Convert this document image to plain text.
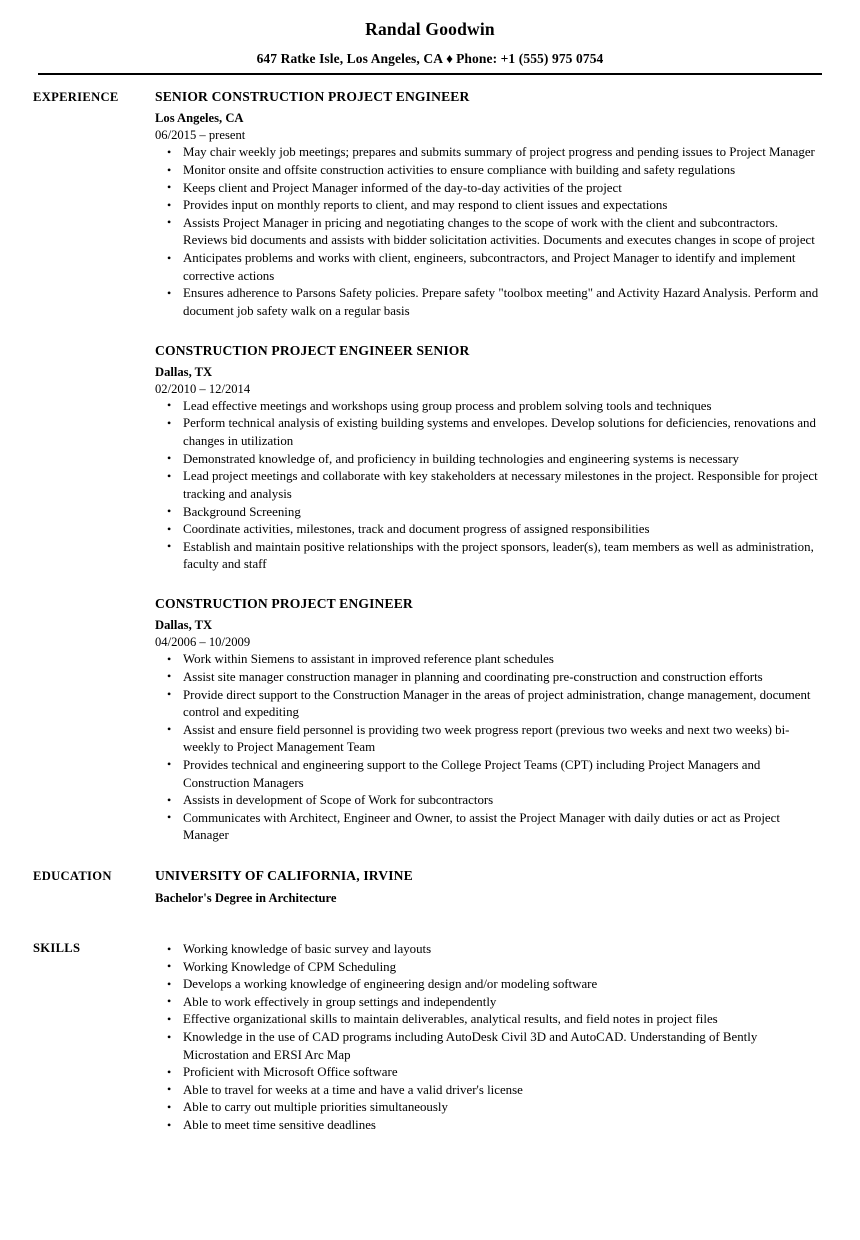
Randal Goodwin
647 Ratke Isle, Los Angeles, CA ♦ Phone: +1 (555) 975 0754
EXPERIENCE	SENIOR CONSTRUCTION PROJECT ENGINEER
Los Angeles, CA
06/2015 – present
• May chair weekly job meetings; prepares and submits summary of project progress and pending issues to Project Manager
• Monitor onsite and offsite construction activities to ensure compliance with building and safety regulations
• Keeps client and Project Manager informed of the day-to-day activities of the project
• Provides input on monthly reports to client, and may respond to client issues and expectations
• Assists Project Manager in pricing and negotiating changes to the scope of work with the client and subcontractors. Reviews bid documents and assists with bidder solicitation activities. Documents and executes changes in scope of project
• Anticipates problems and works with client, engineers, subcontractors, and Project Manager to identify and implement corrective actions
• Ensures adherence to Parsons Safety policies. Prepare safety "toolbox meeting" and Activity Hazard Analysis. Perform and document job safety walk on a regular basis
CONSTRUCTION PROJECT ENGINEER SENIOR
Dallas, TX
02/2010 – 12/2014
• Lead effective meetings and workshops using group process and problem solving tools and techniques
• Perform technical analysis of existing building systems and envelopes. Develop solutions for deficiencies, renovations and changes in utilization
• Demonstrated knowledge of, and proficiency in building technologies and engineering systems is necessary
• Lead project meetings and collaborate with key stakeholders at necessary milestones in the project. Responsible for project tracking and analysis
• Background Screening
• Coordinate activities, milestones, track and document progress of assigned responsibilities
• Establish and maintain positive relationships with the project sponsors, leader(s), team members as well as administration, faculty and staff
CONSTRUCTION PROJECT ENGINEER
Dallas, TX
04/2006 – 10/2009
• Work within Siemens to assistant in improved reference plant schedules
• Assist site manager construction manager in planning and coordinating pre-construction and construction efforts
• Provide direct support to the Construction Manager in the areas of project administration, change management, document control and expediting
• Assist and ensure field personnel is providing two week progress report (previous two weeks and next two weeks) bi-weekly to Project Management Team
• Provides technical and engineering support to the College Project Teams (CPT) including Project Managers and Construction Managers
• Assists in development of Scope of Work for subcontractors
• Communicates with Architect, Engineer and Owner, to assist the Project Manager with daily duties or act as Project Manager
EDUCATION	UNIVERSITY OF CALIFORNIA, IRVINE
Bachelor's Degree in Architecture
SKILLS	• Working knowledge of basic survey and layouts
• Working Knowledge of CPM Scheduling
• Develops a working knowledge of engineering design and/or modeling software
• Able to work effectively in group settings and independently
• Effective organizational skills to maintain deliverables, analytical results, and field notes in project files
• Knowledge in the use of CAD programs including AutoDesk Civil 3D and AutoCAD. Understanding of Bently Microstation and ERSI Arc Map
• Proficient with Microsoft Office software
• Able to travel for weeks at a time and have a valid driver's license
• Able to carry out multiple priorities simultaneously
• Able to meet time sensitive deadlines
